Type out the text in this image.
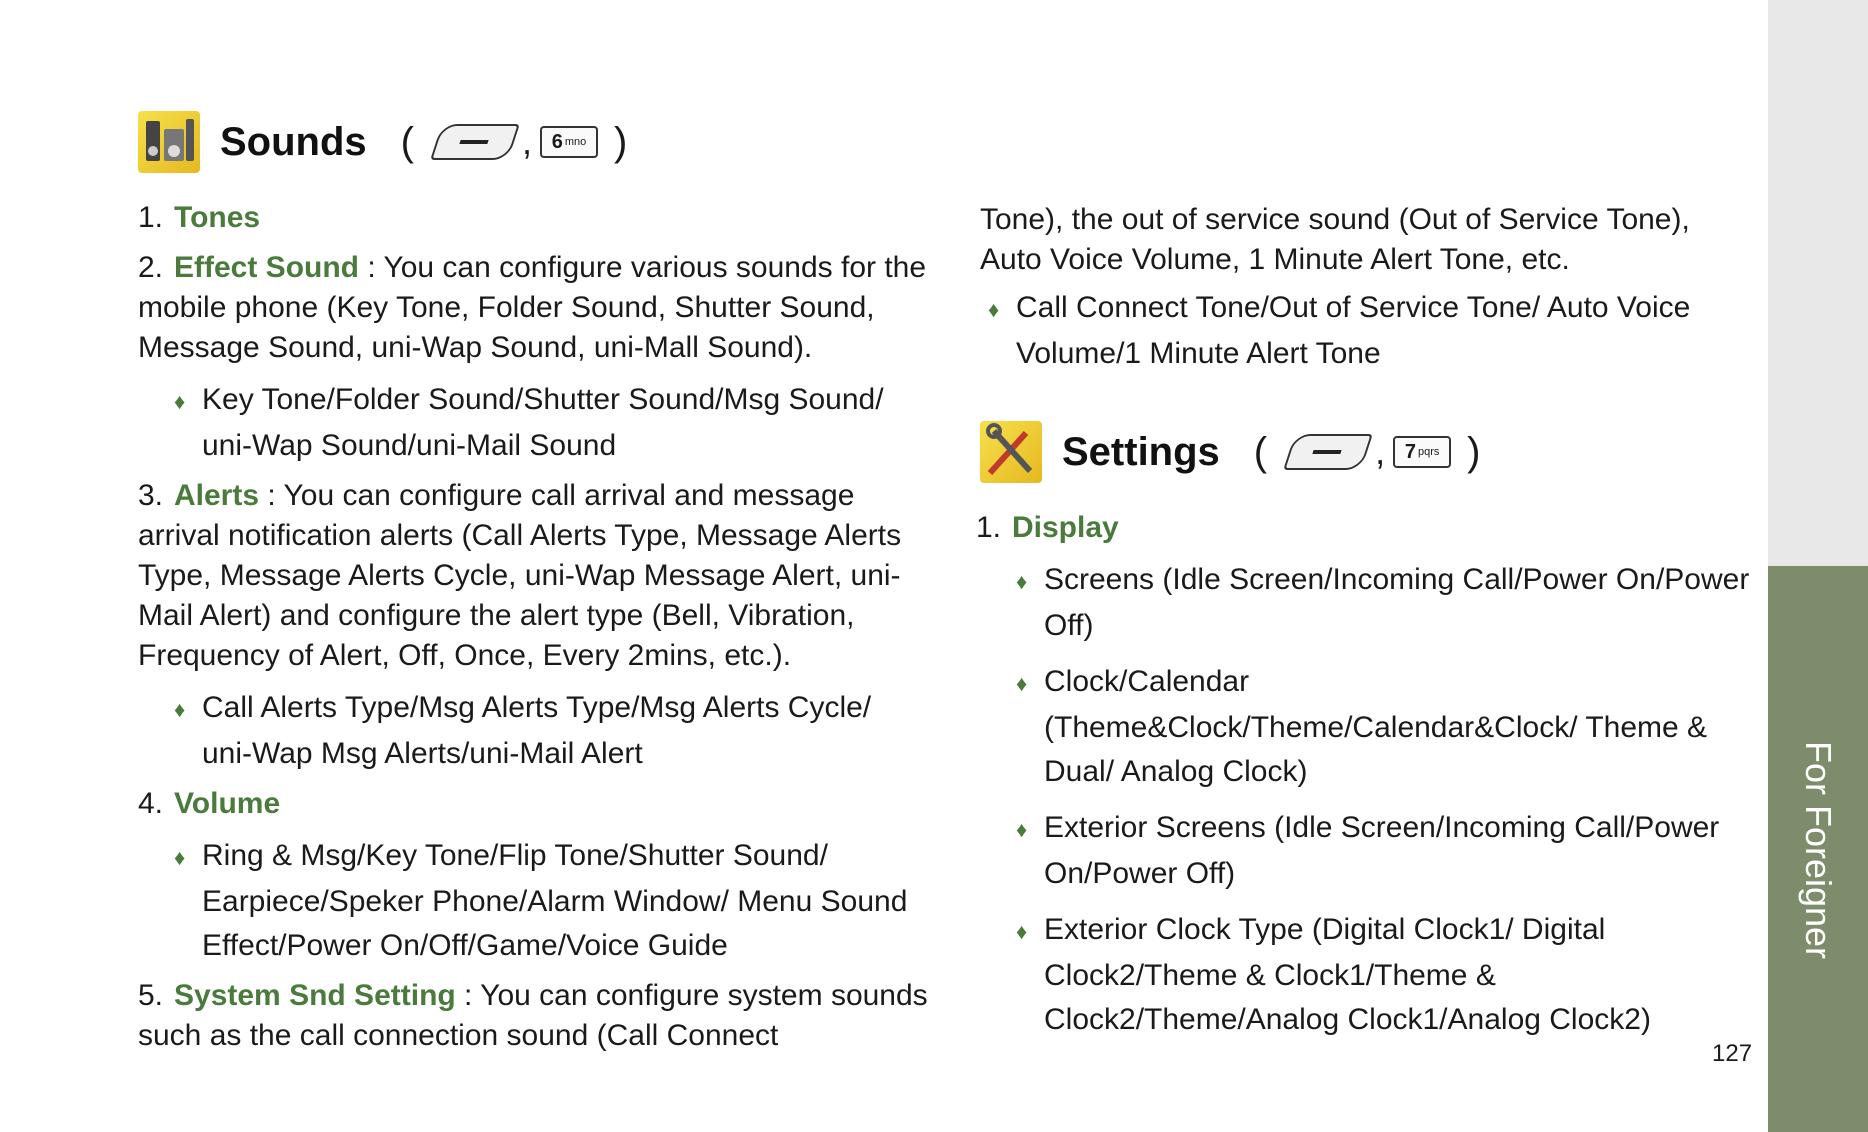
For Foreigner
Sounds (	, 6 mno )
1. Tones
2. Effect Sound : You can configure various sounds for the mobile phone (Key Tone, Folder Sound, Shutter Sound, Message Sound, uni-Wap Sound, uni-Mall Sound).
♦ Key Tone/Folder Sound/Shutter Sound/Msg Sound/ uni-Wap Sound/uni-Mail Sound
3. Alerts : You can configure call arrival and message arrival notification alerts (Call Alerts Type, Message Alerts Type, Message Alerts Cycle, uni-Wap Message Alert, uni-Mail Alert) and configure the alert type (Bell, Vibration, Frequency of Alert, Off, Once, Every 2mins, etc.).
♦ Call Alerts Type/Msg Alerts Type/Msg Alerts Cycle/ uni-Wap Msg Alerts/uni-Mail Alert
4. Volume
♦ Ring & Msg/Key Tone/Flip Tone/Shutter Sound/ Earpiece/Speker Phone/Alarm Window/ Menu Sound Effect/Power On/Off/Game/Voice Guide
5. System Snd Setting : You can configure system sounds such as the call connection sound (Call Connect
Tone), the out of service sound (Out of Service Tone), Auto Voice Volume, 1 Minute Alert Tone, etc.
♦ Call Connect Tone/Out of Service Tone/ Auto Voice Volume/1 Minute Alert Tone
Settings (	, 7 pqrs )
1. Display
♦ Screens (Idle Screen/Incoming Call/Power On/Power Off)
♦ Clock/Calendar (Theme&Clock/Theme/Calendar&Clock/ Theme & Dual/ Analog Clock)
♦ Exterior Screens (Idle Screen/Incoming Call/Power On/Power Off)
♦ Exterior Clock Type (Digital Clock1/ Digital Clock2/Theme & Clock1/Theme & Clock2/Theme/Analog Clock1/Analog Clock2)
127
